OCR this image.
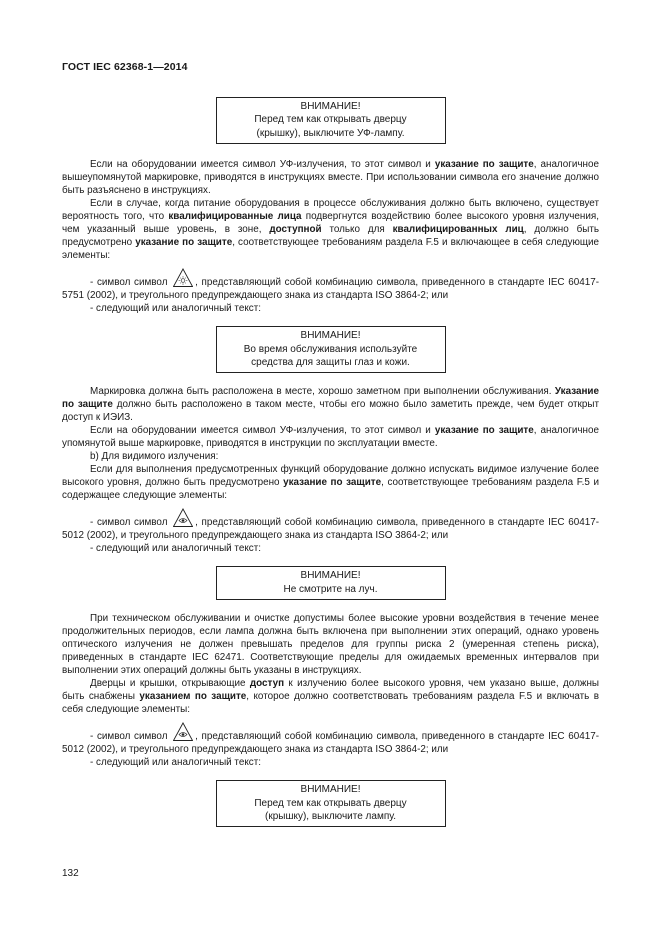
ГОСТ IEC 62368-1—2014
ВНИМАНИЕ!
Перед тем как открывать дверцу
(крышку), выключите УФ-лампу.

Если на оборудовании имеется символ УФ-излучения, то этот символ и указание по защите, аналогичное вышеупомянутой маркировке, приводятся в инструкциях вместе. При использовании символа его значение должно быть разъяснено в инструкциях.

Если в случае, когда питание оборудования в процессе обслуживания должно быть включено, существует вероятность того, что квалифицированные лица подвергнутся воздействию более высокого уровня излучения, чем указанный выше уровень, в зоне, доступной только для квалифицированных лиц, должно быть предусмотрено указание по защите, соответствующее требованиям раздела F.5 и включающее в себя следующие элементы:

- символ символ
, представляющий собой комбинацию символа, приведенного в стандарте IEC 60417-5751 (2002), и треугольного предупреждающего знака из стандарта ISO 3864-2; или

- следующий или аналогичный текст:

ВНИМАНИЕ!
Во время обслуживания используйте
средства для защиты глаз и кожи.

Маркировка должна быть расположена в месте, хорошо заметном при выполнении обслуживания. Указание по защите должно быть расположено в таком месте, чтобы его можно было заметить прежде, чем будет открыт доступ к ИЭИЗ.

Если на оборудовании имеется символ УФ-излучения, то этот символ и указание по защите, аналогичное упомянутой выше маркировке, приводятся в инструкции по эксплуатации вместе.

b) Для видимого излучения:

Если для выполнения предусмотренных функций оборудование должно испускать видимое излучение более высокого уровня, должно быть предусмотрено указание по защите, соответствующее требованиям раздела F.5 и содержащее следующие элементы:

- символ символ
, представляющий собой комбинацию символа, приведенного в стандарте IEC 60417-5012 (2002), и треугольного предупреждающего знака из стандарта ISO 3864-2; или

- следующий или аналогичный текст:

ВНИМАНИЕ!
Не смотрите на луч.

При техническом обслуживании и очистке допустимы более высокие уровни воздействия в течение менее продолжительных периодов, если лампа должна быть включена при выполнении этих операций, однако уровень оптического излучения не должен превышать пределов для группы риска 2 (умеренная степень риска), приведенных в стандарте IEC 62471. Соответствующие пределы для ожидаемых временных интервалов при выполнении этих операций должны быть указаны в инструкциях.

Дверцы и крышки, открывающие доступ к излучению более высокого уровня, чем указано выше, должны быть снабжены указанием по защите, которое должно соответствовать требованиям раздела F.5 и включать в себя следующие элементы:

- символ символ
, представляющий собой комбинацию символа, приведенного в стандарте IEC 60417-5012 (2002), и треугольного предупреждающего знака из стандарта ISO 3864-2; или

- следующий или аналогичный текст:

ВНИМАНИЕ!
Перед тем как открывать дверцу
(крышку), выключите лампу.
132
